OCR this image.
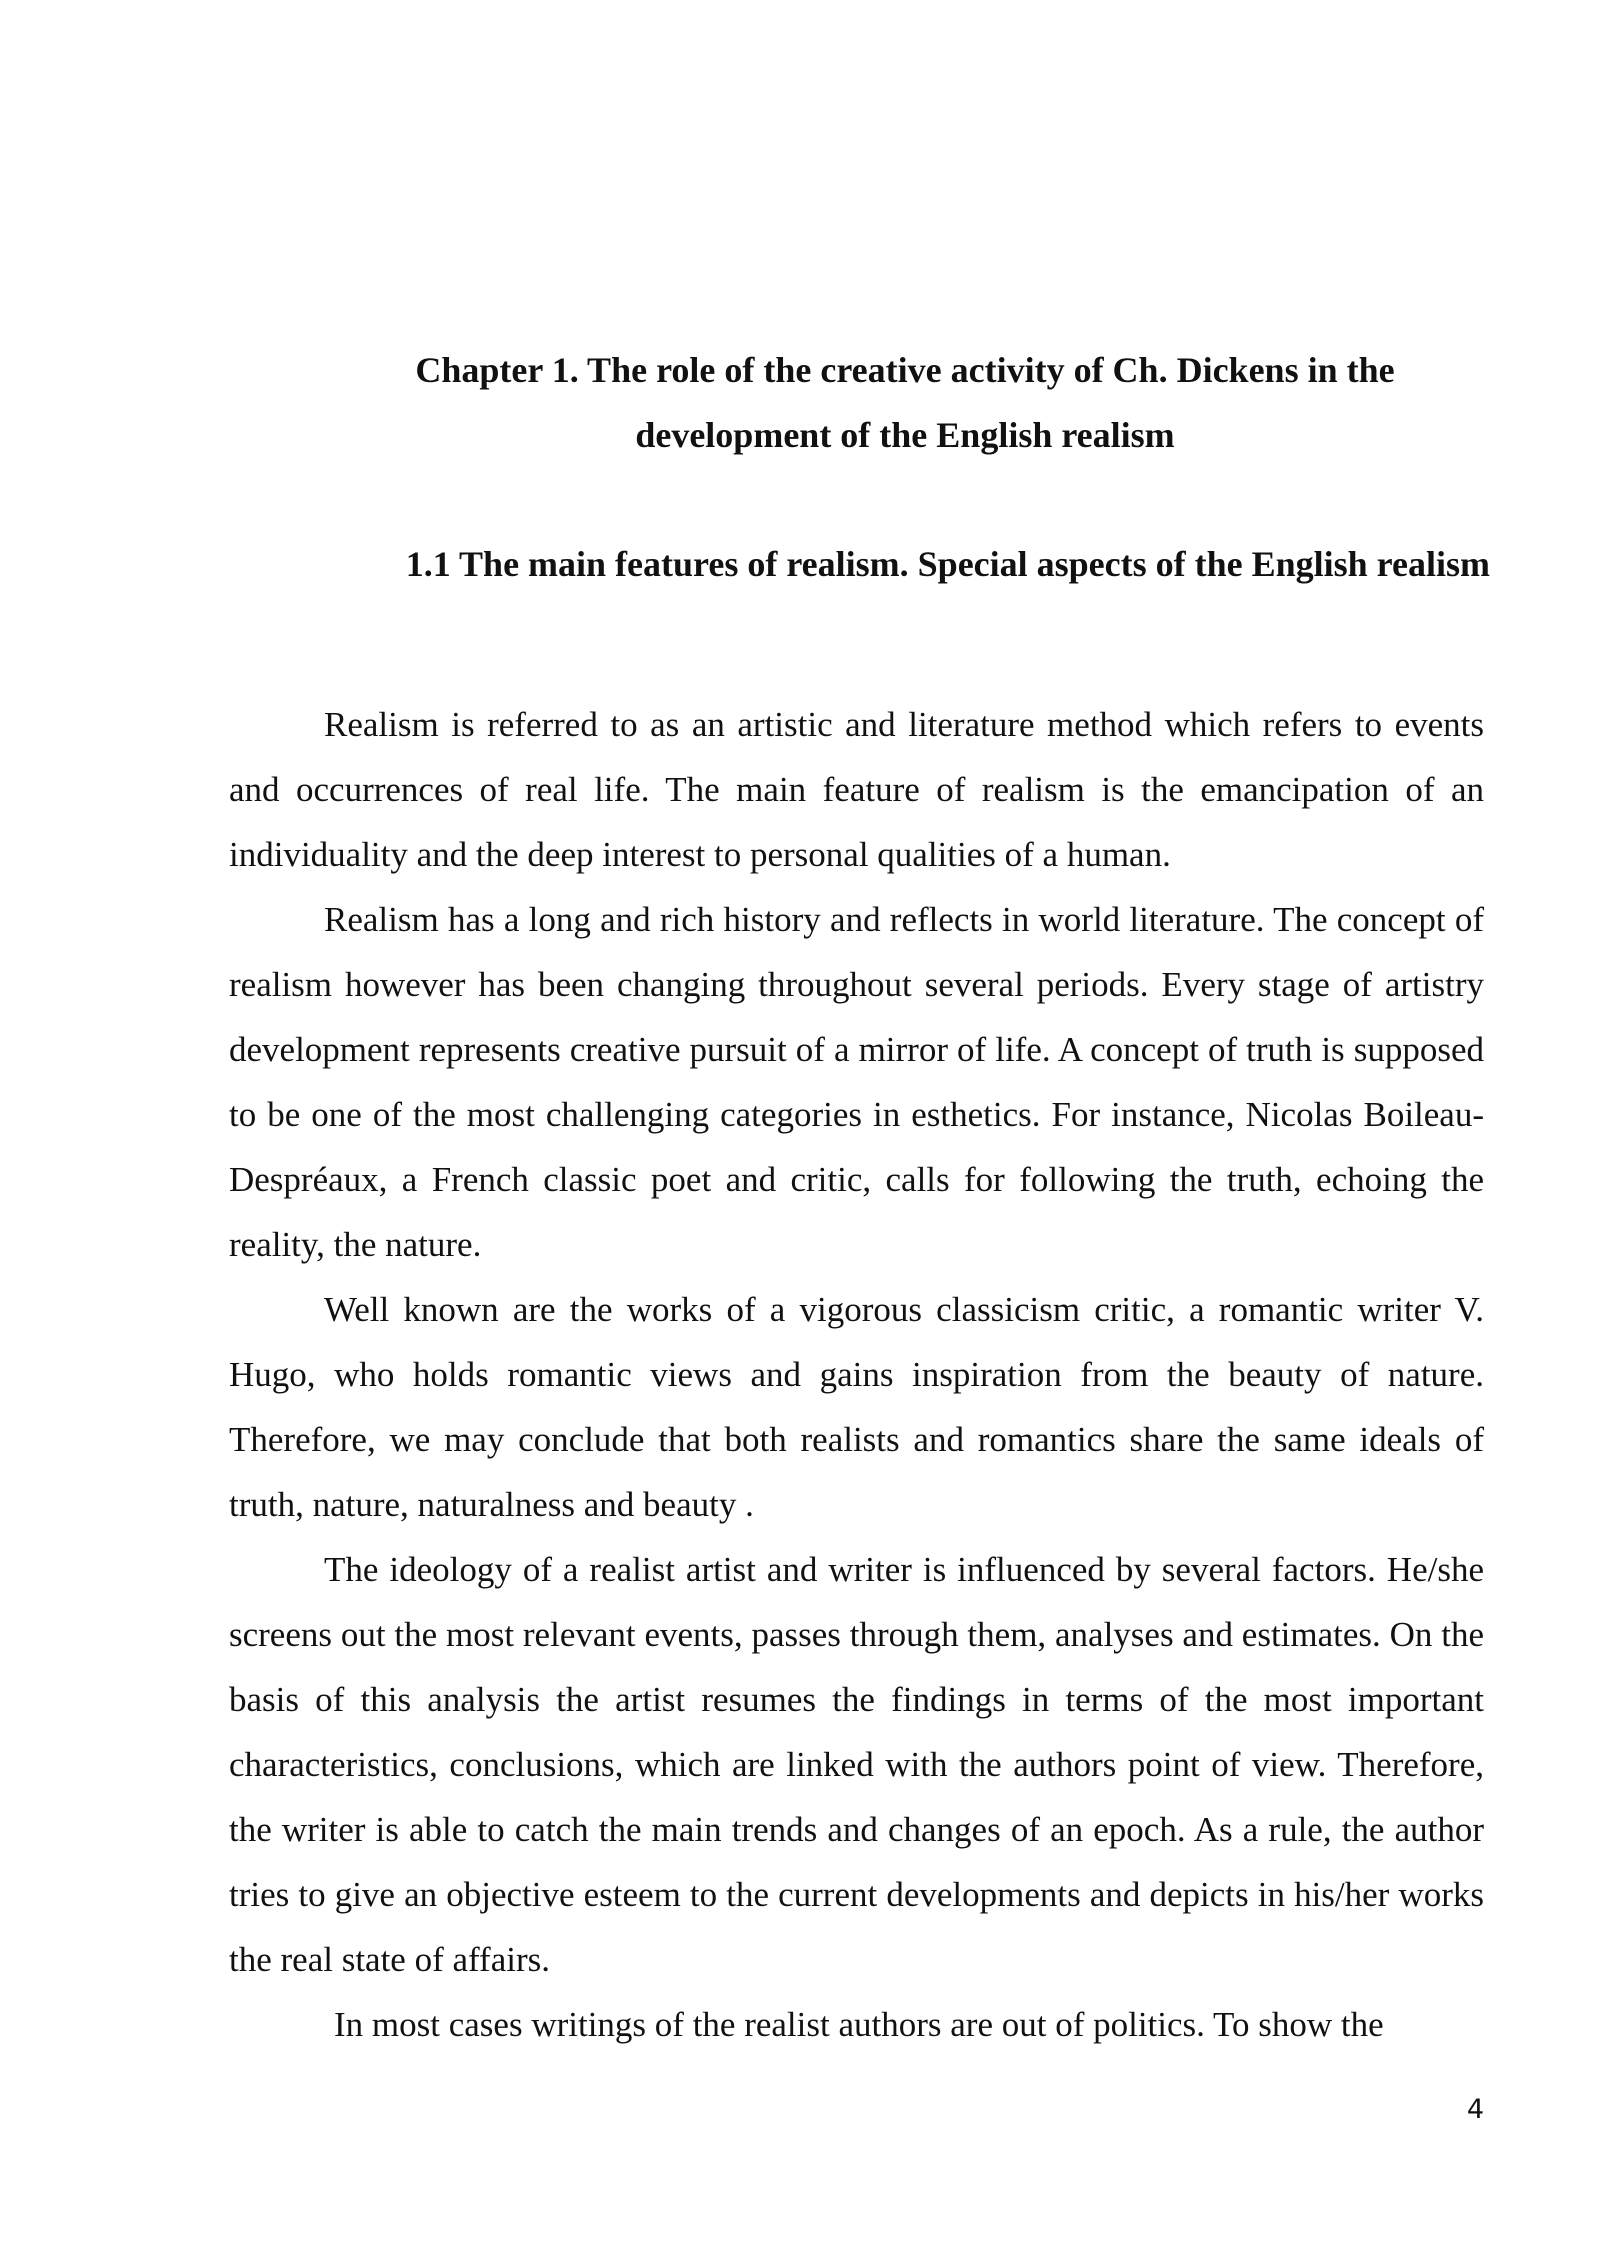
Chapter 1. The role of the creative activity of Ch. Dickens in the
development of the English realism
1.1 The main features of realism. Special aspects of the English realism

Realism is referred to as an artistic and literature method which refers to events and occurrences of real life. The main feature of realism is the emancipation of an individuality and the deep interest to personal qualities of a human.

Realism has a long and rich history and reflects in world literature. The concept of realism however has been changing throughout several periods. Every stage of artistry development represents creative pursuit of a mirror of life. A concept of truth is supposed to be one of the most challenging categories in esthetics. For instance, Nicolas Boileau-Despréaux, a French classic poet and critic, calls for following the truth, echoing the reality, the nature.

Well known are the works of a vigorous classicism critic, a romantic writer V. Hugo, who holds romantic views and gains inspiration from the beauty of nature. Therefore, we may conclude that both realists and romantics share the same ideals of truth, nature, naturalness and beauty .

The ideology of a realist artist and writer is influenced by several factors. He/she screens out the most relevant events, passes through them, analyses and estimates. On the basis of this analysis the artist resumes the findings in terms of the most important characteristics, conclusions, which are linked with the authors point of view. Therefore, the writer is able to catch the main trends and changes of an epoch. As a rule, the author tries to give an objective esteem to the current developments and depicts in his/her works the real state of affairs.

In most cases writings of the realist authors are out of politics. To show the

4
